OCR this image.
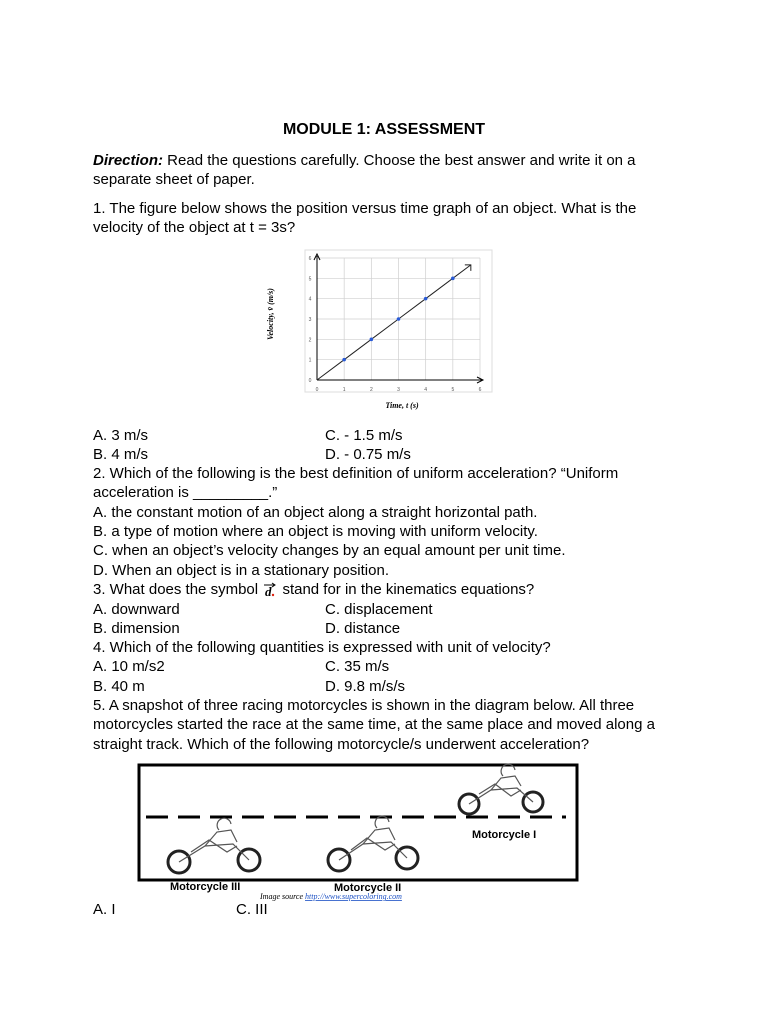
MODULE 1: ASSESSMENT
Direction: Read the questions carefully. Choose the best answer and write it on a
separate sheet of paper.
1. The figure below shows the position versus time graph of an object. What is the
velocity of the object at t = 3s?
0	1	2	3	4	5	6
0
1
2
3
4
5
6
Time, t (s)
Velocity, v̄ (m/s)
A. 3 m/s
B. 4 m/s
C. - 1.5 m/s
D. - 0.75 m/s
2. Which of the following is the best definition of uniform acceleration? “Uniform
acceleration is _________.”
A. the constant motion of an object along a straight horizontal path.
B. a type of motion where an object is moving with uniform velocity.
C. when an object’s velocity changes by an equal amount per unit time.
D. When an object is in a stationary position.
3. What does the symbol d stand for in the kinematics equations?
A. downward
B. dimension
C. displacement
D. distance
4. Which of the following quantities is expressed with unit of velocity?
A. 10 m/s2
B. 40 m
C. 35 m/s
D. 9.8 m/s/s
5. A snapshot of three racing motorcycles is shown in the diagram below. All three
motorcycles started the race at the same time, at the same place and moved along a
straight track. Which of the following motorcycle/s underwent acceleration?
Motorcycle I
Motorcycle II
Motorcycle III
Image source http://www.supercoloring.com
A. I	C. III
